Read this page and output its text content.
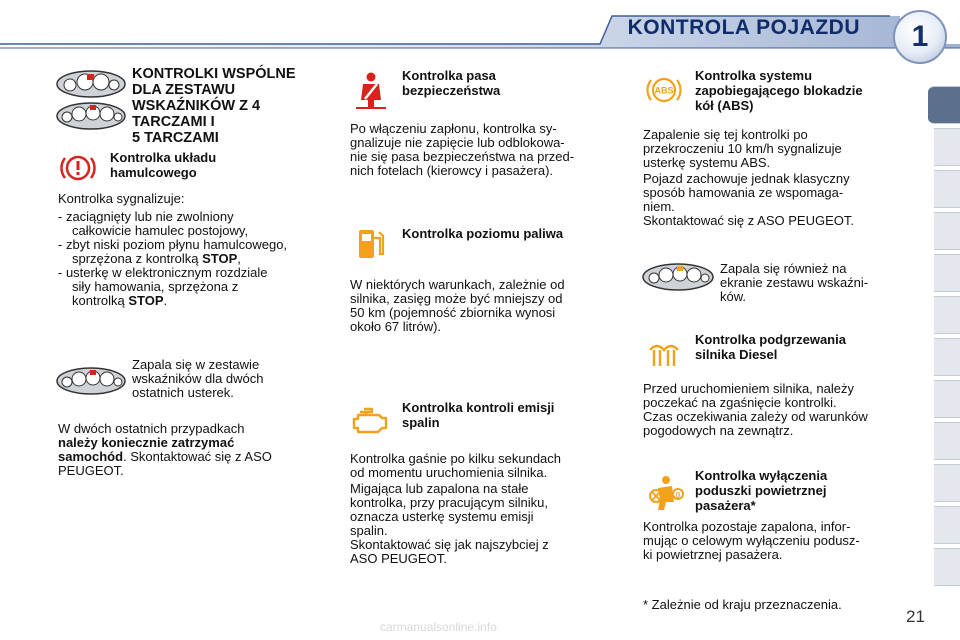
KONTROLA POJAZDU	1
KONTROLKI WSPÓLNE
DLA ZESTAWU
WSKAŹNIKÓW Z 4
TARCZAMI I
5 TARCZAMI
Kontrolka układu
hamulcowego
Kontrolka sygnalizuje:
- zaciągnięty lub nie zwolniony
całkowicie hamulec postojowy,
- zbyt niski poziom płynu hamulcowego,
sprzężona z kontrolką STOP,
- usterkę w elektronicznym rozdziale
siły hamowania, sprzężona z
kontrolką STOP.
Zapala się w zestawie
wskaźników dla dwóch
ostatnich usterek.
W dwóch ostatnich przypadkach
należy koniecznie zatrzymać
samochód. Skontaktować się z ASO
PEUGEOT.
Kontrolka pasa
bezpieczeństwa
Po włączeniu zapłonu, kontrolka sy-
gnalizuje nie zapięcie lub odblokowa-
nie się pasa bezpieczeństwa na przed-
nich fotelach (kierowcy i pasażera).
Kontrolka poziomu paliwa
W niektórych warunkach, zależnie od
silnika, zasięg może być mniejszy od
50 km (pojemność zbiornika wynosi
około 67 litrów).
Kontrolka kontroli emisji
spalin
Kontrolka gaśnie po kilku sekundach
od momentu uruchomienia silnika.
Migająca lub zapalona na stałe
kontrolka, przy pracującym silniku,
oznacza usterkę systemu emisji
spalin.
Skontaktować się jak najszybciej z
ASO PEUGEOT.
ABS
Kontrolka systemu
zapobiegającego blokadzie
kół (ABS)
Zapalenie się tej kontrolki po
przekroczeniu 10 km/h sygnalizuje
usterkę systemu ABS.
Pojazd zachowuje jednak klasyczny
sposób hamowania ze wspomaga-
niem.
Skontaktować się z ASO PEUGEOT.
Zapala się również na
ekranie zestawu wskaźni-
ków.
Kontrolka podgrzewania
silnika Diesel
Przed uruchomieniem silnika, należy
poczekać na zgaśnięcie kontrolki.
Czas oczekiwania zależy od warunków
pogodowych na zewnątrz.
0
Kontrolka wyłączenia
poduszki powietrznej
pasażera*
Kontrolka pozostaje zapalona, infor-
mując o celowym wyłączeniu podusz-
ki powietrznej pasażera.
* Zależnie od kraju przeznaczenia.
21
carmanualsonline.info
